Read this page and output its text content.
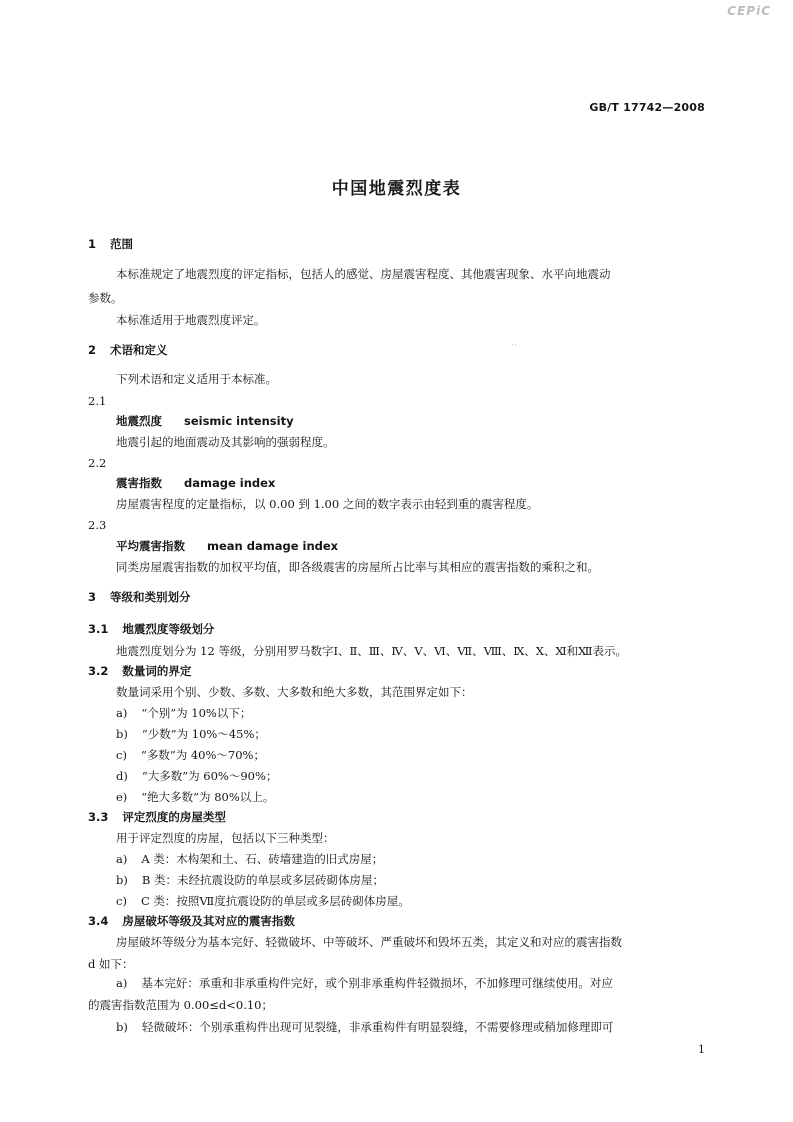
CEPiC
GB/T 17742—2008
中国地震烈度表
1 范围
本标准规定了地震烈度的评定指标，包括人的感觉、房屋震害程度、其他震害现象、水平向地震动
参数。
本标准适用于地震烈度评定。
2 术语和定义	ˋˋ
下列术语和定义适用于本标准。
2.1
地震烈度 seismic intensity
地震引起的地面震动及其影响的强弱程度。
2.2
震害指数 damage index
房屋震害程度的定量指标，以 0.00 到 1.00 之间的数字表示由轻到重的震害程度。
2.3
平均震害指数 mean damage index
同类房屋震害指数的加权平均值，即各级震害的房屋所占比率与其相应的震害指数的乘积之和。
3 等级和类别划分
3.1 地震烈度等级划分
地震烈度划分为 12 等级，分别用罗马数字Ⅰ、Ⅱ、Ⅲ、Ⅳ、Ⅴ、Ⅵ、Ⅶ、Ⅷ、Ⅸ、Ⅹ、Ⅺ和Ⅻ表示。
3.2 数量词的界定
数量词采用个别、少数、多数、大多数和绝大多数，其范围界定如下：
a) “个别”为 10%以下；
b) “少数”为 10%～45%；
c) “多数”为 40%～70%；
d) “大多数”为 60%～90%；
e) “绝大多数”为 80%以上。
3.3 评定烈度的房屋类型
用于评定烈度的房屋，包括以下三种类型：
a) A 类：木构架和土、石、砖墙建造的旧式房屋；
b) B 类：未经抗震设防的单层或多层砖砌体房屋；
c) C 类：按照Ⅶ度抗震设防的单层或多层砖砌体房屋。
3.4 房屋破坏等级及其对应的震害指数
房屋破坏等级分为基本完好、轻微破坏、中等破坏、严重破坏和毁坏五类，其定义和对应的震害指数
d 如下：
a) 基本完好：承重和非承重构件完好，或个别非承重构件轻微损坏，不加修理可继续使用。对应
的震害指数范围为 0.00≤d<0.10；
b) 轻微破坏：个别承重构件出现可见裂缝，非承重构件有明显裂缝，不需要修理或稍加修理即可
1
